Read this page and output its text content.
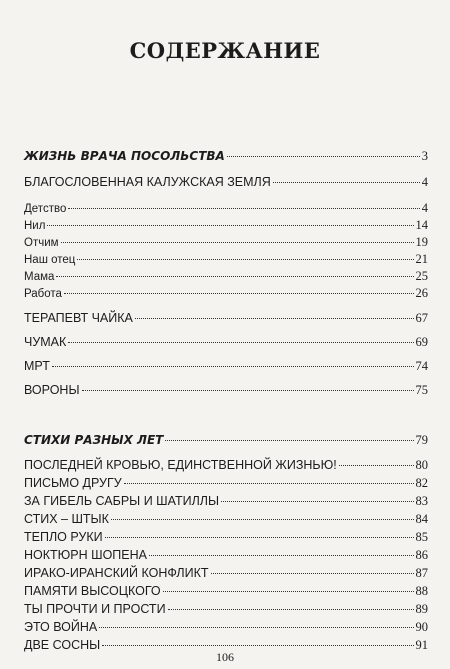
СОДЕРЖАНИЕ
ЖИЗНЬ ВРАЧА ПОСОЛЬСТВА	3
БЛАГОСЛОВЕННАЯ КАЛУЖСКАЯ ЗЕМЛЯ	4
Детство	4
Нил	14
Отчим	19
Наш отец	21
Мама	25
Работа	26
ТЕРАПЕВТ ЧАЙКА	67
ЧУМАК	69
МРТ	74
ВОРОНЫ	75
СТИХИ РАЗНЫХ ЛЕТ	79
ПОСЛЕДНЕЙ КРОВЬЮ, ЕДИНСТВЕННОЙ ЖИЗНЬЮ!	80
ПИСЬМО ДРУГУ	82
ЗА ГИБЕЛЬ САБРЫ И ШАТИЛЛЫ	83
СТИХ – ШТЫК	84
ТЕПЛО РУКИ	85
НОКТЮРН ШОПЕНА	86
ИРАКО-ИРАНСКИЙ КОНФЛИКТ	87
ПАМЯТИ ВЫСОЦКОГО	88
ТЫ ПРОЧТИ И ПРОСТИ	89
ЭТО ВОЙНА	90
ДВЕ СОСНЫ	91
106
